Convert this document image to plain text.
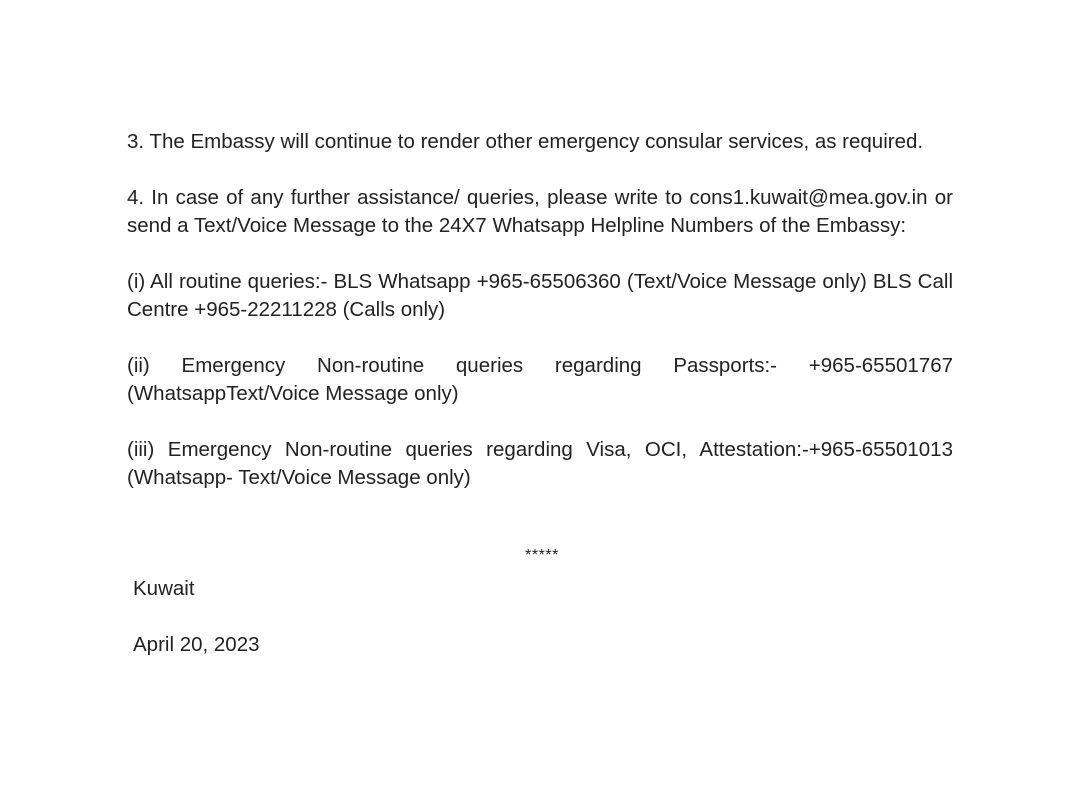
3. The Embassy will continue to render other emergency consular services, as required.

4. In case of any further assistance/ queries, please write to cons1.kuwait@mea.gov.in or send a Text/Voice Message to the 24X7 Whatsapp Helpline Numbers of the Embassy:

(i) All routine queries:- BLS Whatsapp +965-65506360 (Text/Voice Message only) BLS Call Centre +965-22211228 (Calls only)

(ii) Emergency Non-routine queries regarding Passports:- +965-65501767 (WhatsappText/Voice Message only)

(iii) Emergency Non-routine queries regarding Visa, OCI, Attestation:-+965-65501013 (Whatsapp- Text/Voice Message only)

*****

Kuwait

April 20, 2023
